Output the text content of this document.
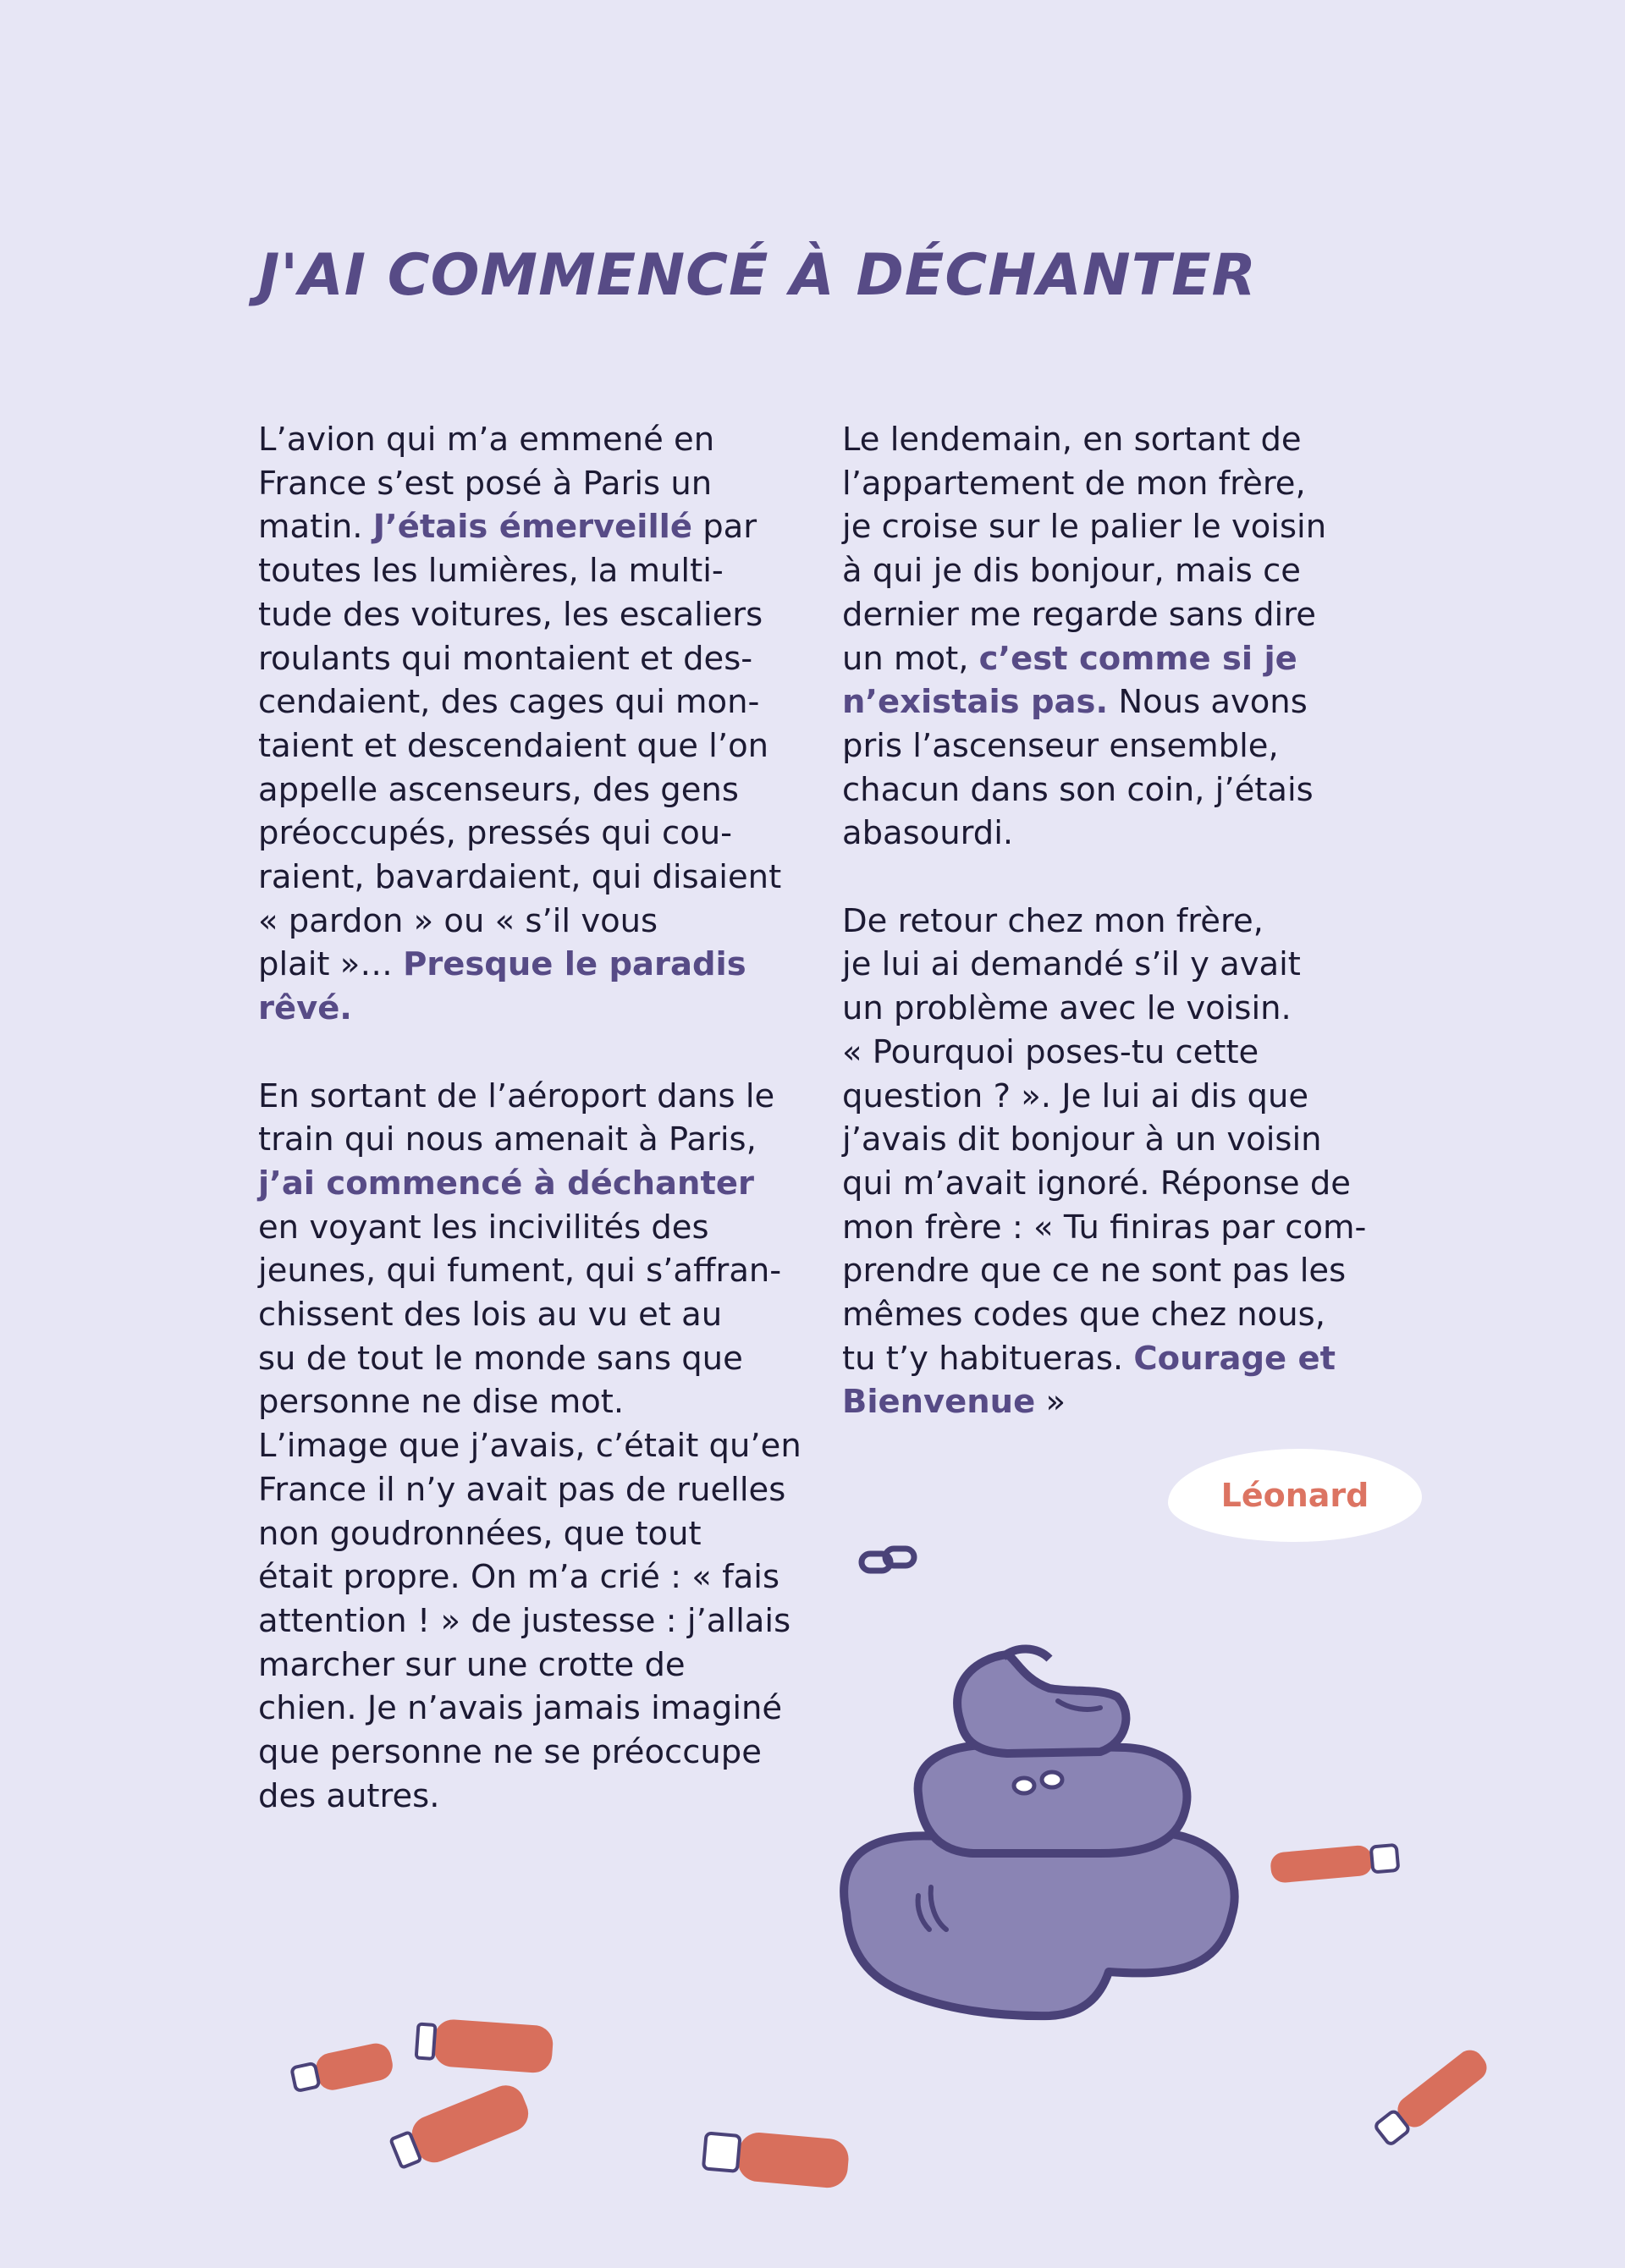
J'AI COMMENCÉ À DÉCHANTER

L’avion qui m’a emmené en
France s’est posé à Paris un
matin. J’étais émerveillé par
toutes les lumières, la multi-
tude des voitures, les escaliers
roulants qui montaient et des-
cendaient, des cages qui mon-
taient et descendaient que l’on
appelle ascenseurs, des gens
préoccupés, pressés qui cou-
raient, bavardaient, qui disaient
« pardon » ou « s’il vous
plait »… Presque le paradis
rêvé.

En sortant de l’aéroport dans le
train qui nous amenait à Paris,
j’ai commencé à déchanter
en voyant les incivilités des
jeunes, qui fument, qui s’affran-
chissent des lois au vu et au
su de tout le monde sans que
personne ne dise mot.
L’image que j’avais, c’était qu’en
France il n’y avait pas de ruelles
non goudronnées, que tout
était propre. On m’a crié : « fais
attention ! » de justesse : j’allais
marcher sur une crotte de
chien. Je n’avais jamais imaginé
que personne ne se préoccupe
des autres.

Le lendemain, en sortant de
l’appartement de mon frère,
je croise sur le palier le voisin
à qui je dis bonjour, mais ce
dernier me regarde sans dire
un mot, c’est comme si je
n’existais pas. Nous avons
pris l’ascenseur ensemble,
chacun dans son coin, j’étais
abasourdi.

De retour chez mon frère,
je lui ai demandé s’il y avait
un problème avec le voisin.
« Pourquoi poses-tu cette
question ? ». Je lui ai dis que
j’avais dit bonjour à un voisin
qui m’avait ignoré. Réponse de
mon frère : « Tu finiras par com-
prendre que ce ne sont pas les
mêmes codes que chez nous,
tu t’y habitueras. Courage et
Bienvenue »

Léonard
